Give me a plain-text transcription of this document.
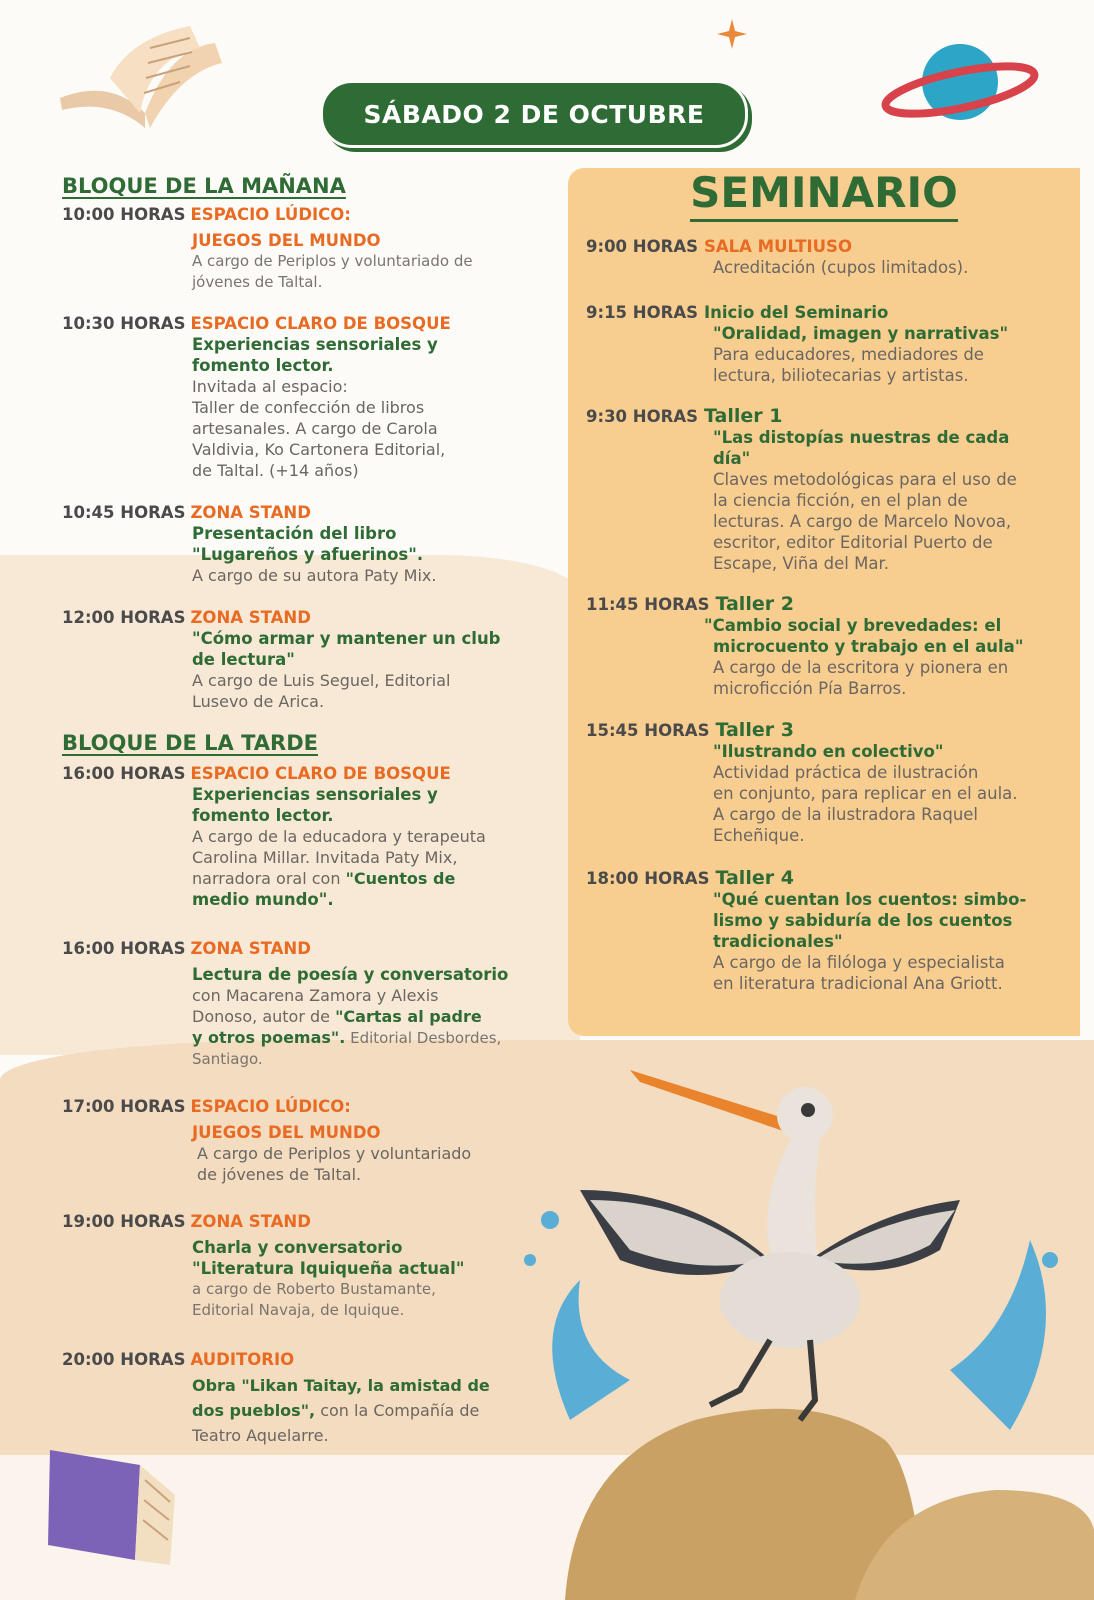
SÁBADO 2 DE OCTUBRE
BLOQUE DE LA MAÑANA
10:00 HORAS ESPACIO LÚDICO:
JUEGOS DEL MUNDO
A cargo de Periplos y voluntariado de
jóvenes de Taltal.
10:30 HORAS ESPACIO CLARO DE BOSQUE
Experiencias sensoriales y
fomento lector.
Invitada al espacio:
Taller de confección de libros
artesanales. A cargo de Carola
Valdivia, Ko Cartonera Editorial,
de Taltal. (+14 años)
10:45 HORAS ZONA STAND
Presentación del libro
"Lugareños y afuerinos".
A cargo de su autora Paty Mix.
12:00 HORAS ZONA STAND
"Cómo armar y mantener un club
de lectura"
A cargo de Luis Seguel, Editorial
Lusevo de Arica.
BLOQUE DE LA TARDE
16:00 HORAS ESPACIO CLARO DE BOSQUE
Experiencias sensoriales y
fomento lector.
A cargo de la educadora y terapeuta
Carolina Millar. Invitada Paty Mix,
narradora oral con "Cuentos de
medio mundo".
16:00 HORAS ZONA STAND
Lectura de poesía y conversatorio
con Macarena Zamora y Alexis
Donoso, autor de "Cartas al padre
y otros poemas". Editorial Desbordes,
Santiago.
17:00 HORAS ESPACIO LÚDICO:
JUEGOS DEL MUNDO
A cargo de Periplos y voluntariado
de jóvenes de Taltal.
19:00 HORAS ZONA STAND
Charla y conversatorio
"Literatura Iquiqueña actual"
a cargo de Roberto Bustamante,
Editorial Navaja, de Iquique.
20:00 HORAS AUDITORIO
Obra "Likan Taitay, la amistad de
dos pueblos", con la Compañía de
Teatro Aquelarre.
SEMINARIO
9:00 HORAS SALA MULTIUSO
Acreditación (cupos limitados).
9:15 HORAS Inicio del Seminario
"Oralidad, imagen y narrativas"
Para educadores, mediadores de
lectura, biliotecarias y artistas.
9:30 HORAS Taller 1
"Las distopías nuestras de cada
día"
Claves metodológicas para el uso de
la ciencia ficción, en el plan de
lecturas. A cargo de Marcelo Novoa,
escritor, editor Editorial Puerto de
Escape, Viña del Mar.
11:45 HORAS Taller 2
"Cambio social y brevedades: el
microcuento y trabajo en el aula"
A cargo de la escritora y pionera en
microficción Pía Barros.
15:45 HORAS Taller 3
"Ilustrando en colectivo"
Actividad práctica de ilustración
en conjunto, para replicar en el aula.
A cargo de la ilustradora Raquel
Echeñique.
18:00 HORAS Taller 4
"Qué cuentan los cuentos: simbo-
lismo y sabiduría de los cuentos
tradicionales"
A cargo de la filóloga y especialista
en literatura tradicional Ana Griott.
